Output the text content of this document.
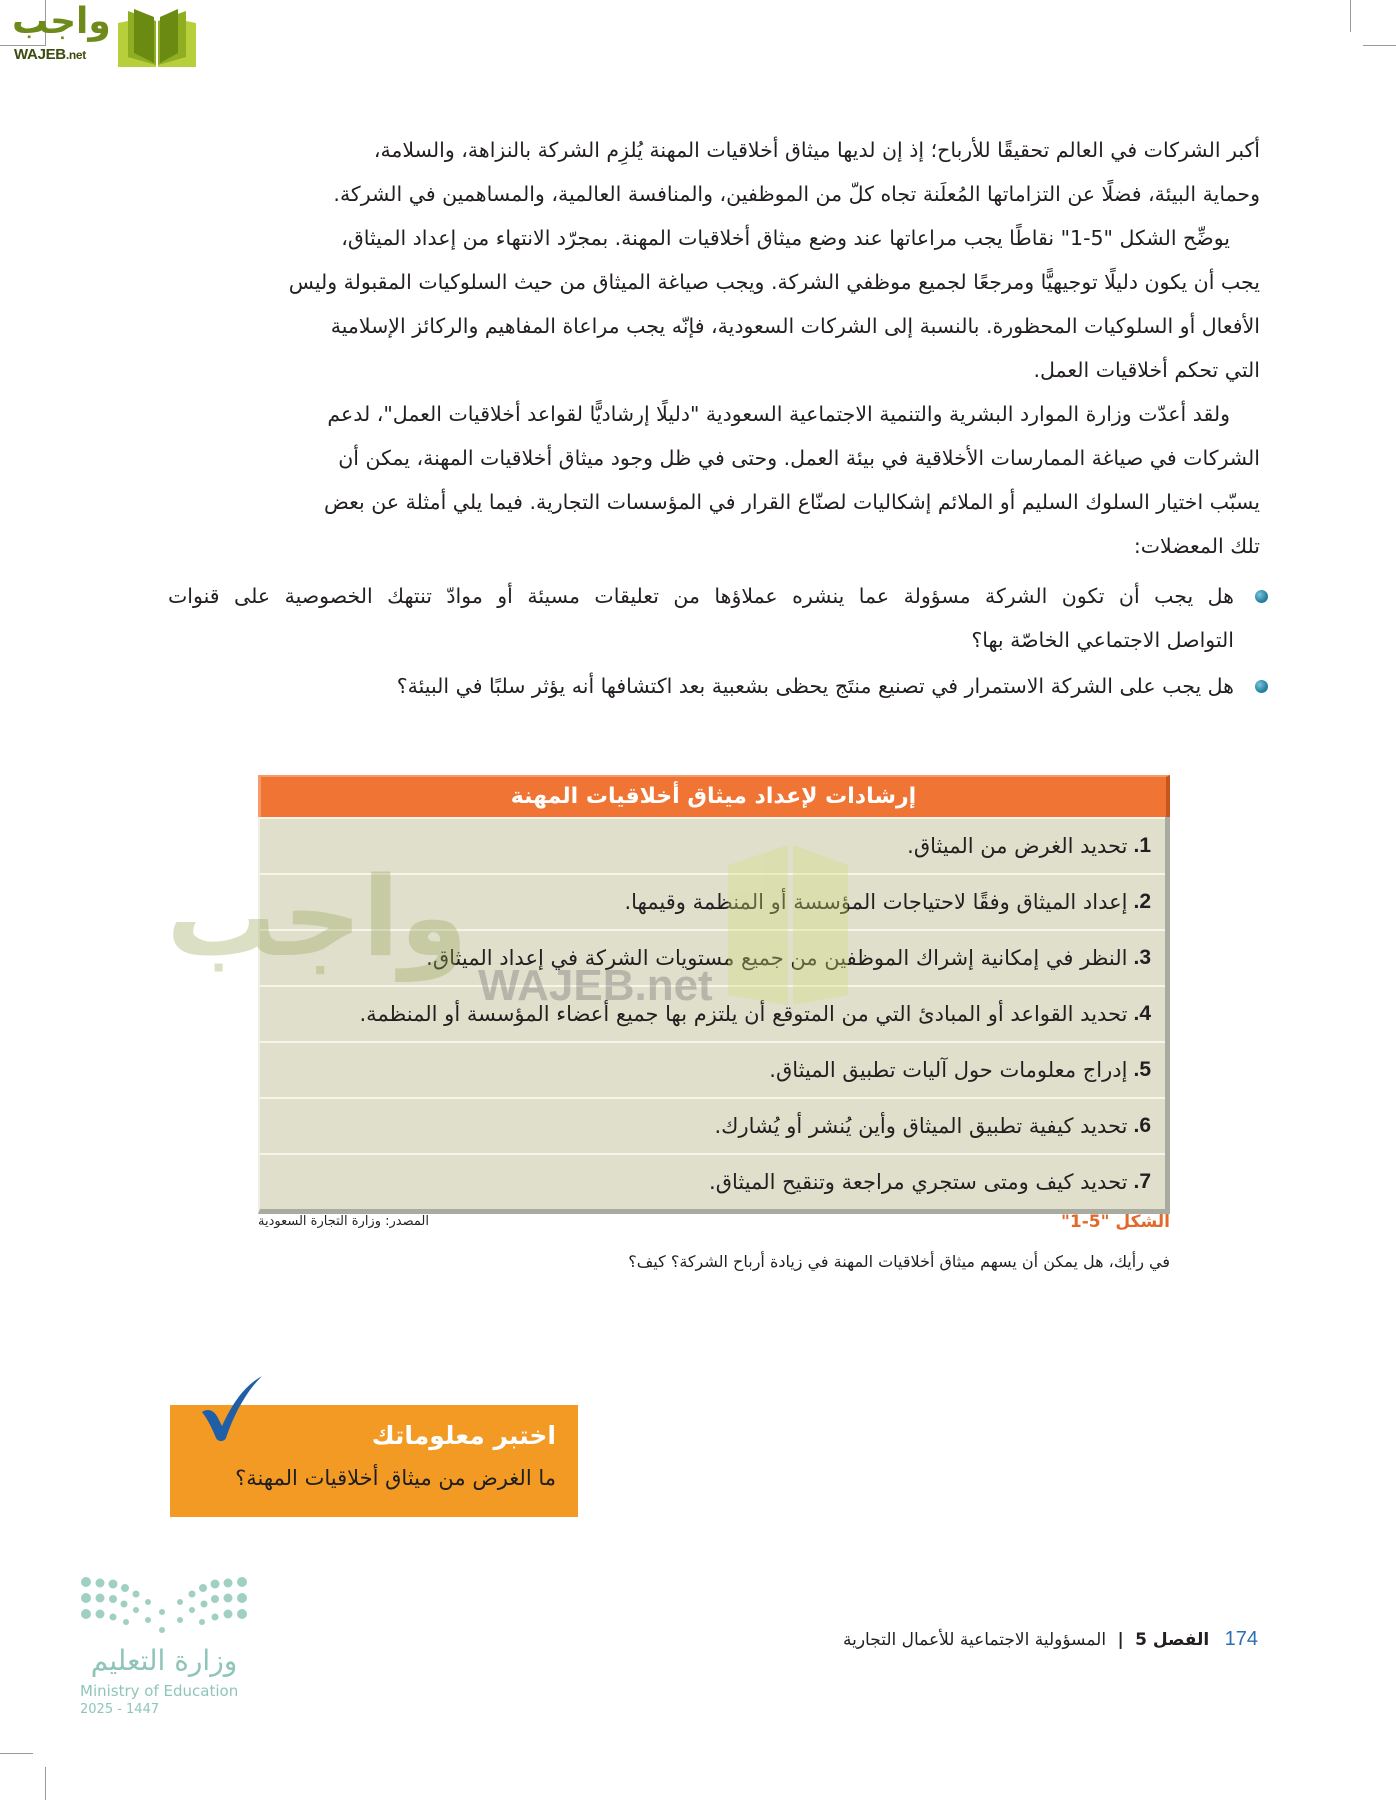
واجب
WAJEB.net
أكبر الشركات في العالم تحقيقًا للأرباح؛ إذ إن لديها ميثاق أخلاقيات المهنة يُلزِم الشركة بالنزاهة، والسلامة،
وحماية البيئة، فضلًا عن التزاماتها المُعلَنة تجاه كلّ من الموظفين، والمنافسة العالمية، والمساهمين في الشركة.
يوضِّح الشكل "5-1" نقاطًا يجب مراعاتها عند وضع ميثاق أخلاقيات المهنة. بمجرّد الانتهاء من إعداد الميثاق،
يجب أن يكون دليلًا توجيهيًّا ومرجعًا لجميع موظفي الشركة. ويجب صياغة الميثاق من حيث السلوكيات المقبولة وليس
الأفعال أو السلوكيات المحظورة. بالنسبة إلى الشركات السعودية، فإنّه يجب مراعاة المفاهيم والركائز الإسلامية
التي تحكم أخلاقيات العمل.
ولقد أعدّت وزارة الموارد البشرية والتنمية الاجتماعية السعودية "دليلًا إرشاديًّا لقواعد أخلاقيات العمل"، لدعم
الشركات في صياغة الممارسات الأخلاقية في بيئة العمل. وحتى في ظل وجود ميثاق أخلاقيات المهنة، يمكن أن
يسبّب اختيار السلوك السليم أو الملائم إشكاليات لصنّاع القرار في المؤسسات التجارية. فيما يلي أمثلة عن بعض
تلك المعضلات:
هل يجب أن تكون الشركة مسؤولة عما ينشره عملاؤها من تعليقات مسيئة أو موادّ تنتهك الخصوصية على قنوات
التواصل الاجتماعي الخاصّة بها؟
هل يجب على الشركة الاستمرار في تصنيع منتَج يحظى بشعبية بعد اكتشافها أنه يؤثر سلبًا في البيئة؟
إرشادات لإعداد ميثاق أخلاقيات المهنة
1.
تحديد الغرض من الميثاق.
2.
إعداد الميثاق وفقًا لاحتياجات المؤسسة أو المنظمة وقيمها.
3.
النظر في إمكانية إشراك الموظفين من جميع مستويات الشركة في إعداد الميثاق.
4.
تحديد القواعد أو المبادئ التي من المتوقع أن يلتزم بها جميع أعضاء المؤسسة أو المنظمة.
5.
إدراج معلومات حول آليات تطبيق الميثاق.
6.
تحديد كيفية تطبيق الميثاق وأين يُنشر أو يُشارك.
7.
تحديد كيف ومتى ستجري مراجعة وتنقيح الميثاق.
واجب
WAJEB.net
الشكل "5-1"
المصدر: وزارة التجارة السعودية
في رأيك، هل يمكن أن يسهم ميثاق أخلاقيات المهنة في زيادة أرباح الشركة؟ كيف؟
اختبر معلوماتك
ما الغرض من ميثاق أخلاقيات المهنة؟
وزارة التعليم
Ministry of Education
2025 - 1447
174 الفصل 5 | المسؤولية الاجتماعية للأعمال التجارية
